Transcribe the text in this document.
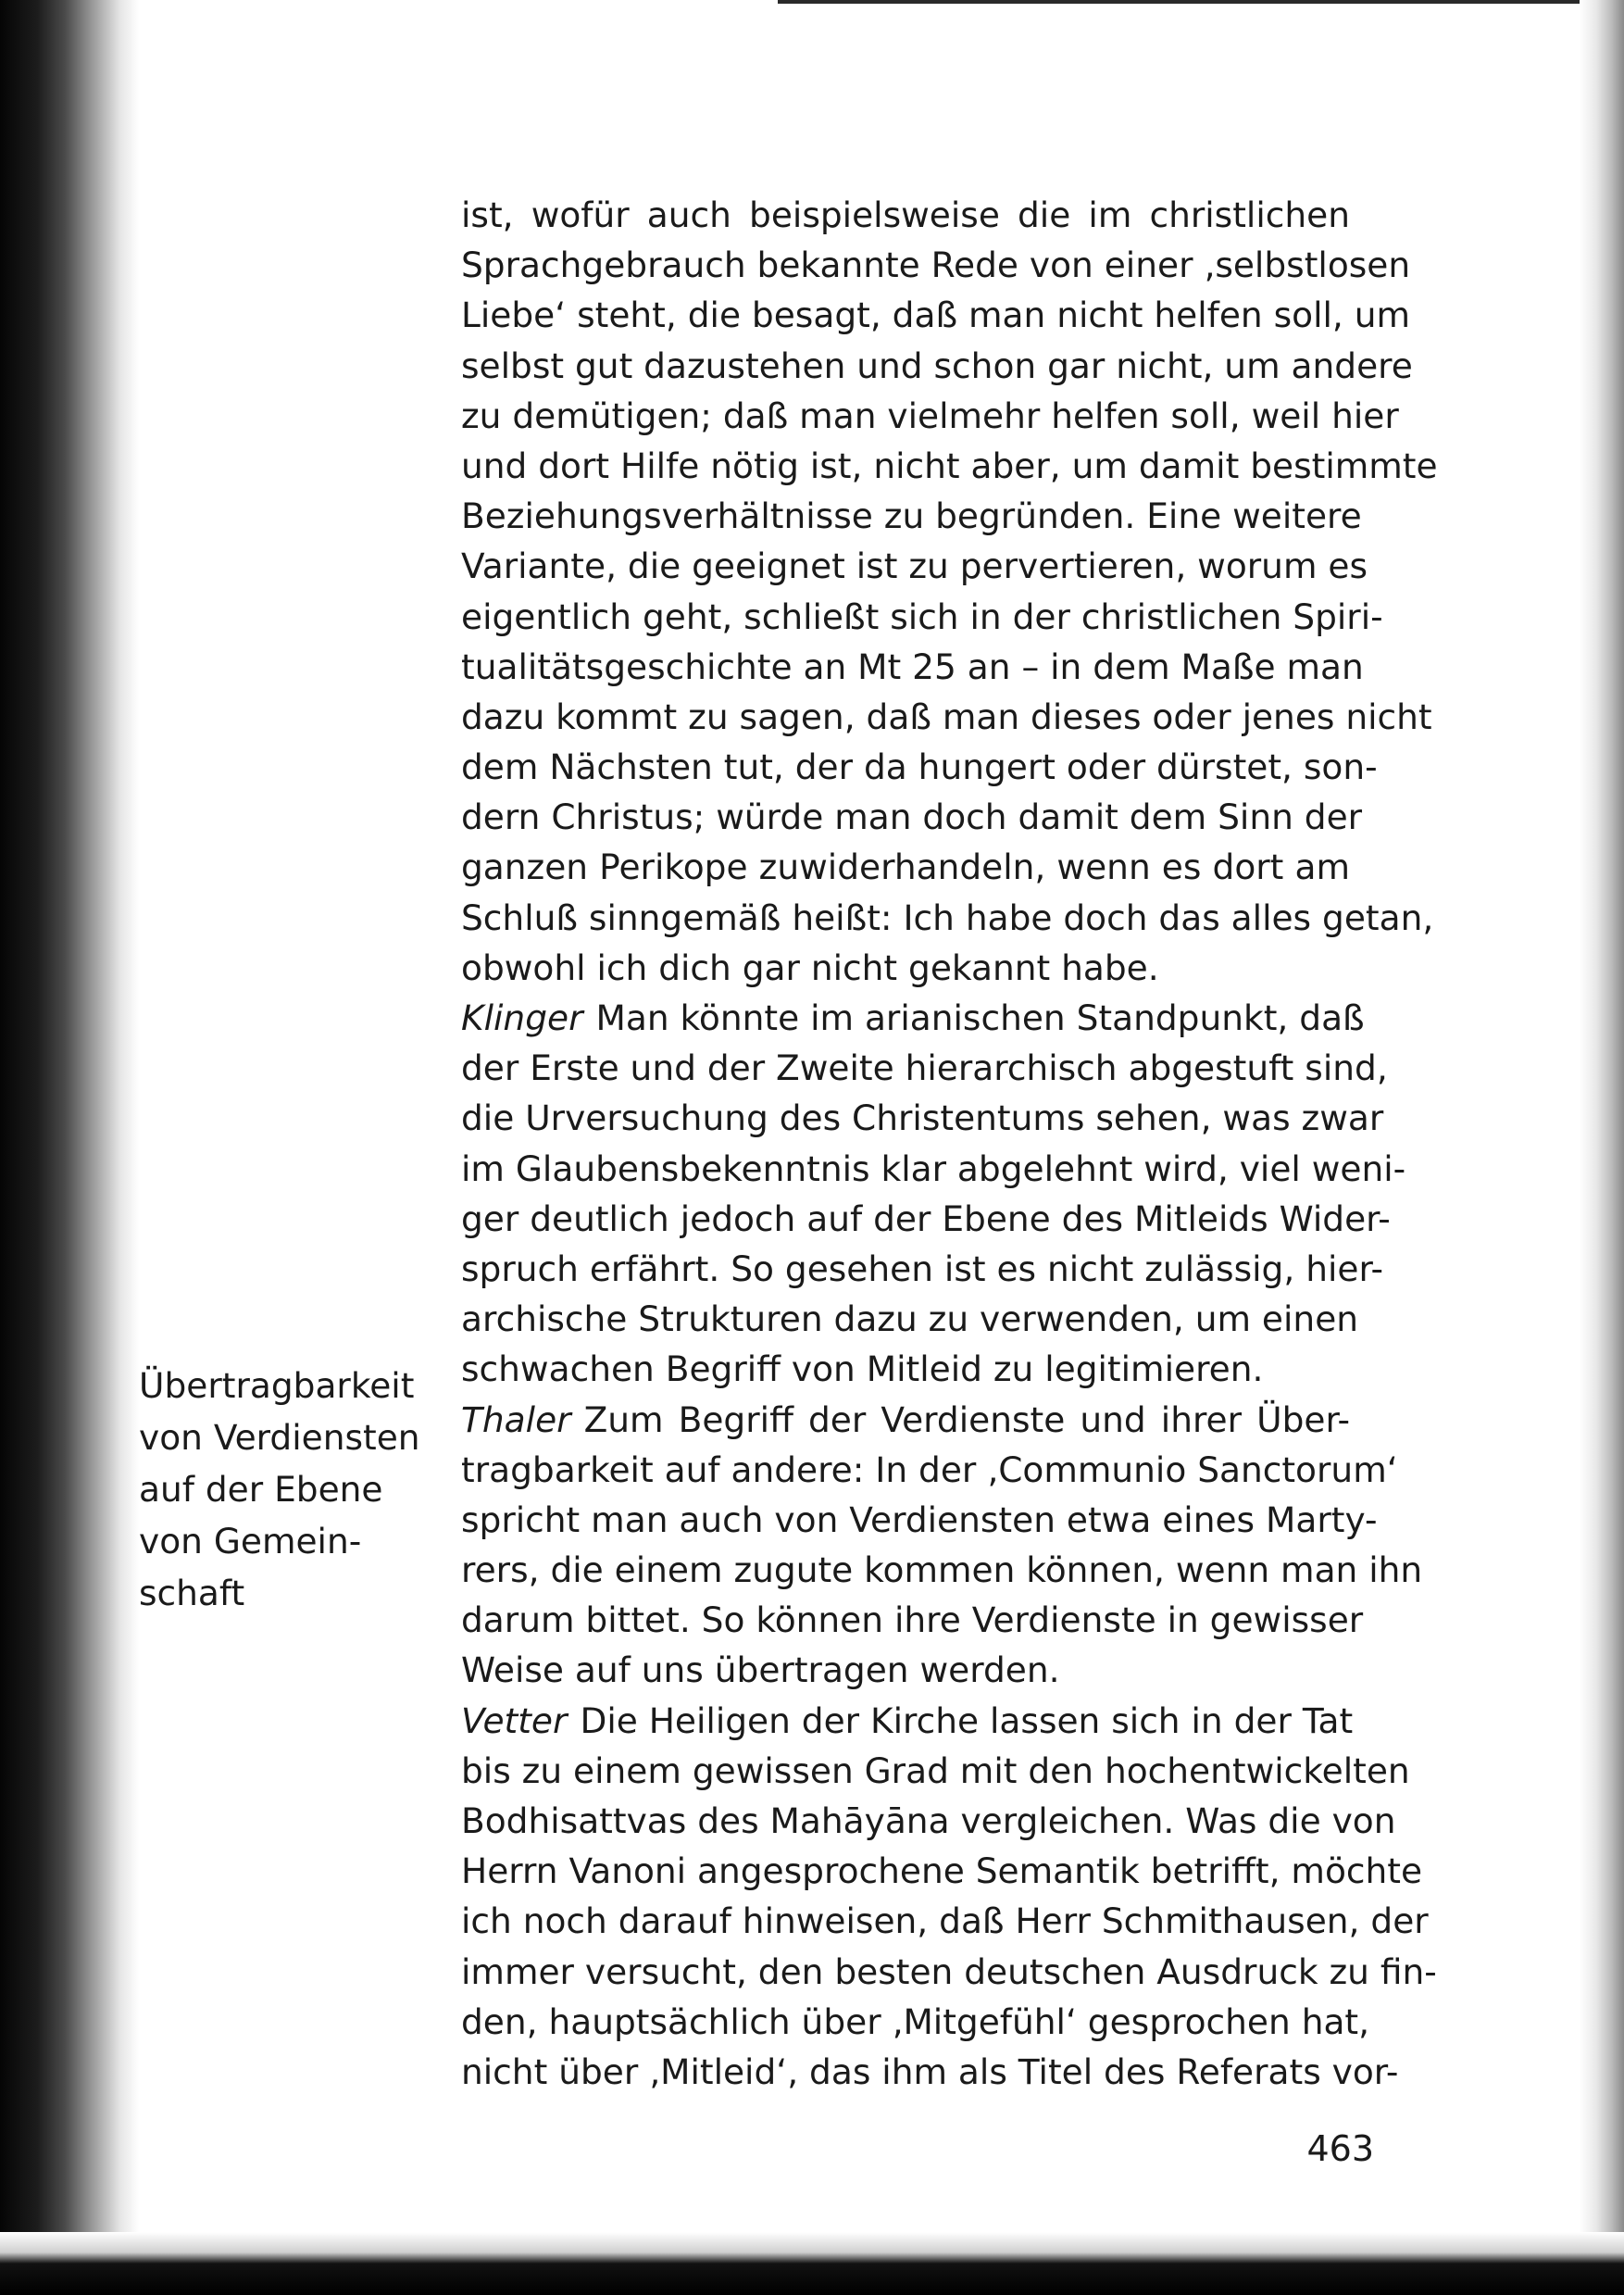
Übertragbarkeit
von Verdiensten
auf der Ebene
von Gemein-
schaft
ist, wofür auch beispielsweise die im christlichen
Sprachgebrauch bekannte Rede von einer ‚selbstlosen
Liebe‘ steht, die besagt, daß man nicht helfen soll, um
selbst gut dazustehen und schon gar nicht, um andere
zu demütigen; daß man vielmehr helfen soll, weil hier
und dort Hilfe nötig ist, nicht aber, um damit bestimmte
Beziehungsverhältnisse zu begründen. Eine weitere
Variante, die geeignet ist zu pervertieren, worum es
eigentlich geht, schließt sich in der christlichen Spiri-
tualitätsgeschichte an Mt 25 an – in dem Maße man
dazu kommt zu sagen, daß man dieses oder jenes nicht
dem Nächsten tut, der da hungert oder dürstet, son-
dern Christus; würde man doch damit dem Sinn der
ganzen Perikope zuwiderhandeln, wenn es dort am
Schluß sinngemäß heißt: Ich habe doch das alles getan,
obwohl ich dich gar nicht gekannt habe.
Klinger Man könnte im arianischen Standpunkt, daß
der Erste und der Zweite hierarchisch abgestuft sind,
die Urversuchung des Christentums sehen, was zwar
im Glaubensbekenntnis klar abgelehnt wird, viel weni-
ger deutlich jedoch auf der Ebene des Mitleids Wider-
spruch erfährt. So gesehen ist es nicht zulässig, hier-
archische Strukturen dazu zu verwenden, um einen
schwachen Begriff von Mitleid zu legitimieren.
Thaler Zum Begriff der Verdienste und ihrer Über-
tragbarkeit auf andere: In der ‚Communio Sanctorum‘
spricht man auch von Verdiensten etwa eines Marty-
rers, die einem zugute kommen können, wenn man ihn
darum bittet. So können ihre Verdienste in gewisser
Weise auf uns übertragen werden.
Vetter Die Heiligen der Kirche lassen sich in der Tat
bis zu einem gewissen Grad mit den hochentwickelten
Bodhisattvas des Mahāyāna vergleichen. Was die von
Herrn Vanoni angesprochene Semantik betrifft, möchte
ich noch darauf hinweisen, daß Herr Schmithausen, der
immer versucht, den besten deutschen Ausdruck zu fin-
den, hauptsächlich über ‚Mitgefühl‘ gesprochen hat,
nicht über ‚Mitleid‘, das ihm als Titel des Referats vor-
463
